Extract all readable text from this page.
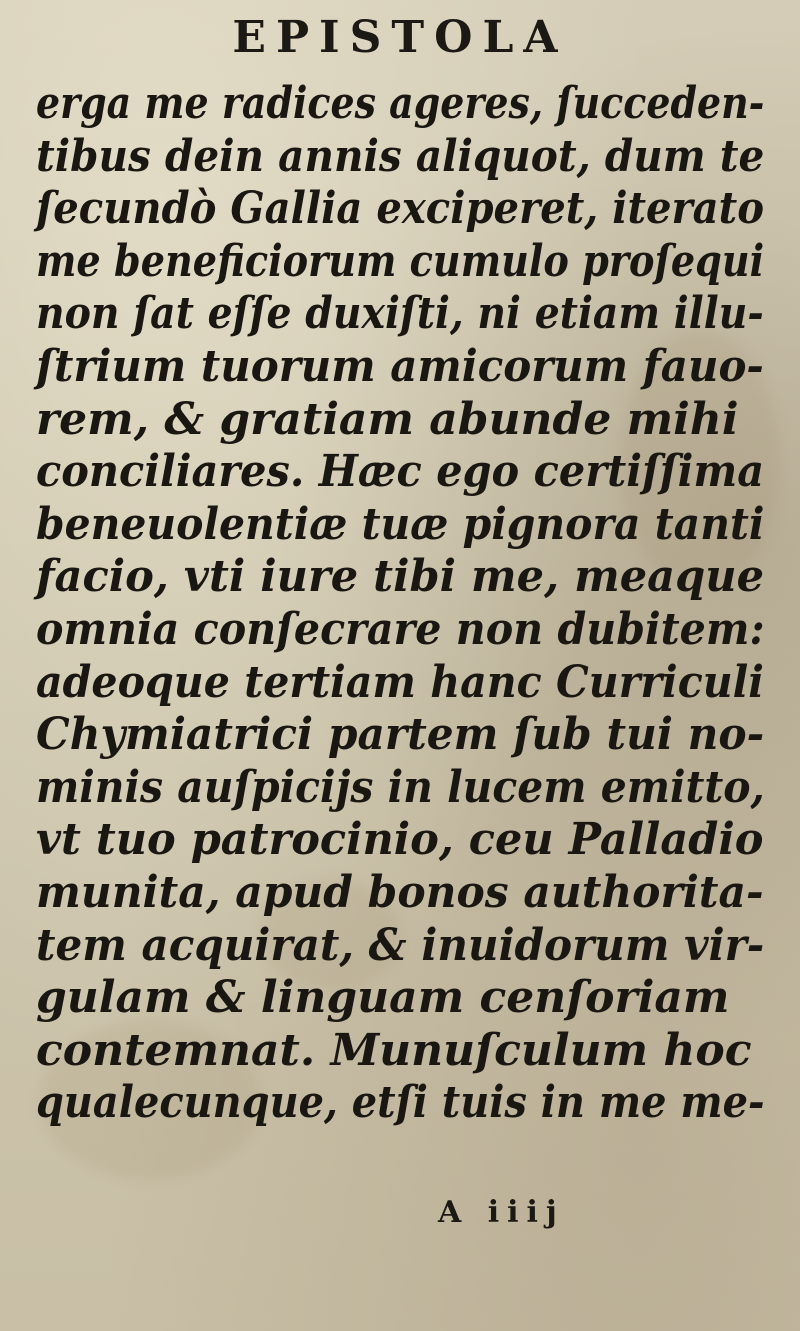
EPISTOLA
erga me radices ageres, ſucceden-
tibus dein annis aliquot, dum te
ſecundò Gallia exciperet, iterato
me beneficiorum cumulo proſequi
non ſat eſſe duxiſti, ni etiam illu-
ſtrium tuorum amicorum fauo-
rem, & gratiam abunde mihi
conciliares. Hæc ego certiſſima
beneuolentiæ tuæ pignora tanti
facio, vti iure tibi me, meaque
omnia conſecrare non dubitem:
adeoque tertiam hanc Curriculi
Chymiatrici partem ſub tui no-
minis auſpicijs in lucem emitto,
vt tuo patrocinio, ceu Palladio
munita, apud bonos authorita-
tem acquirat, & inuidorum vir-
gulam & linguam cenſoriam
contemnat. Munuſculum hoc
qualecunque, etſi tuis in me me-
A iiij
